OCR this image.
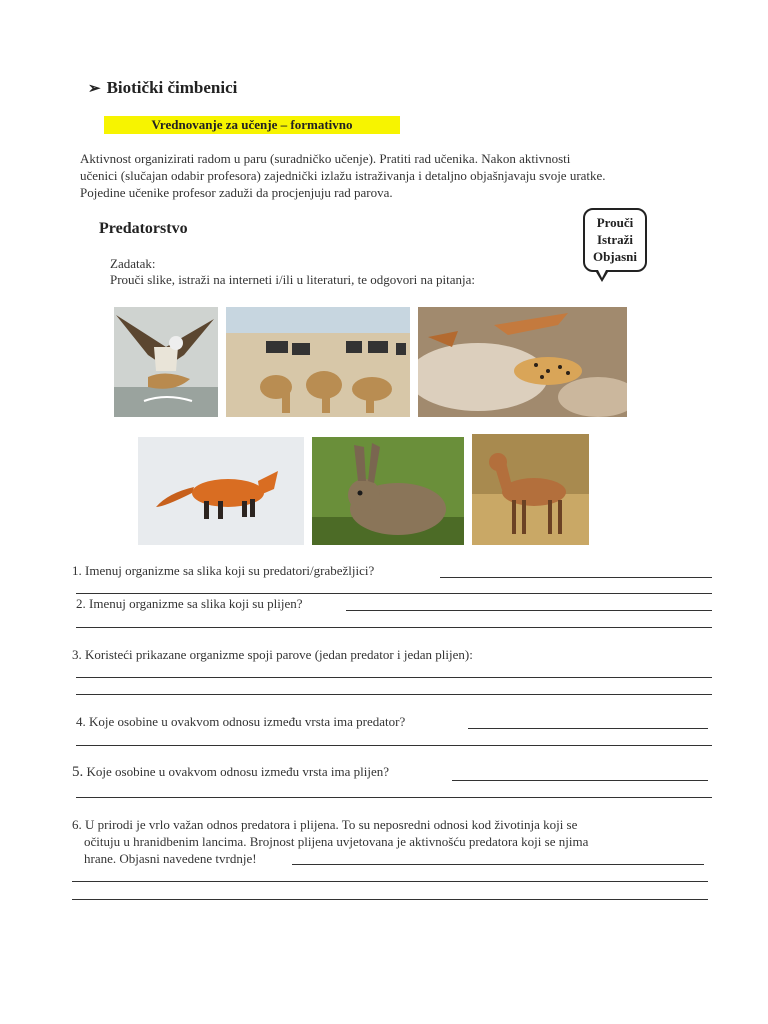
➢ Biotički čimbenici
Vrednovanje za učenje – formativno
Aktivnost organizirati radom u paru (suradničko učenje). Pratiti rad učenika. Nakon aktivnosti
učenici (slučajan odabir profesora) zajednički izlažu istraživanja i detaljno objašnjavaju svoje uratke.
Pojedine učenike profesor zaduži da procjenjuju rad parova.
Predatorstvo	Prouči
Istraži
Objasni
Zadatak:
Prouči slike, istraži na interneti i/ili u literaturi, te odgovori na pitanja:
1. Imenuj organizme sa slika koji su predatori/grabežljici?
2. Imenuj organizme sa slika koji su plijen?
3. Koristeći prikazane organizme spoji parove (jedan predator i jedan plijen):
4. Koje osobine u ovakvom odnosu između vrsta ima predator?
5. Koje osobine u ovakvom odnosu između vrsta ima plijen?
6. U prirodi je vrlo važan odnos predatora i plijena. To su neposredni odnosi kod životinja koji se
očituju u hranidbenim lancima. Brojnost plijena uvjetovana je aktivnošću predatora koji se njima
hrane. Objasni navedene tvrdnje!
